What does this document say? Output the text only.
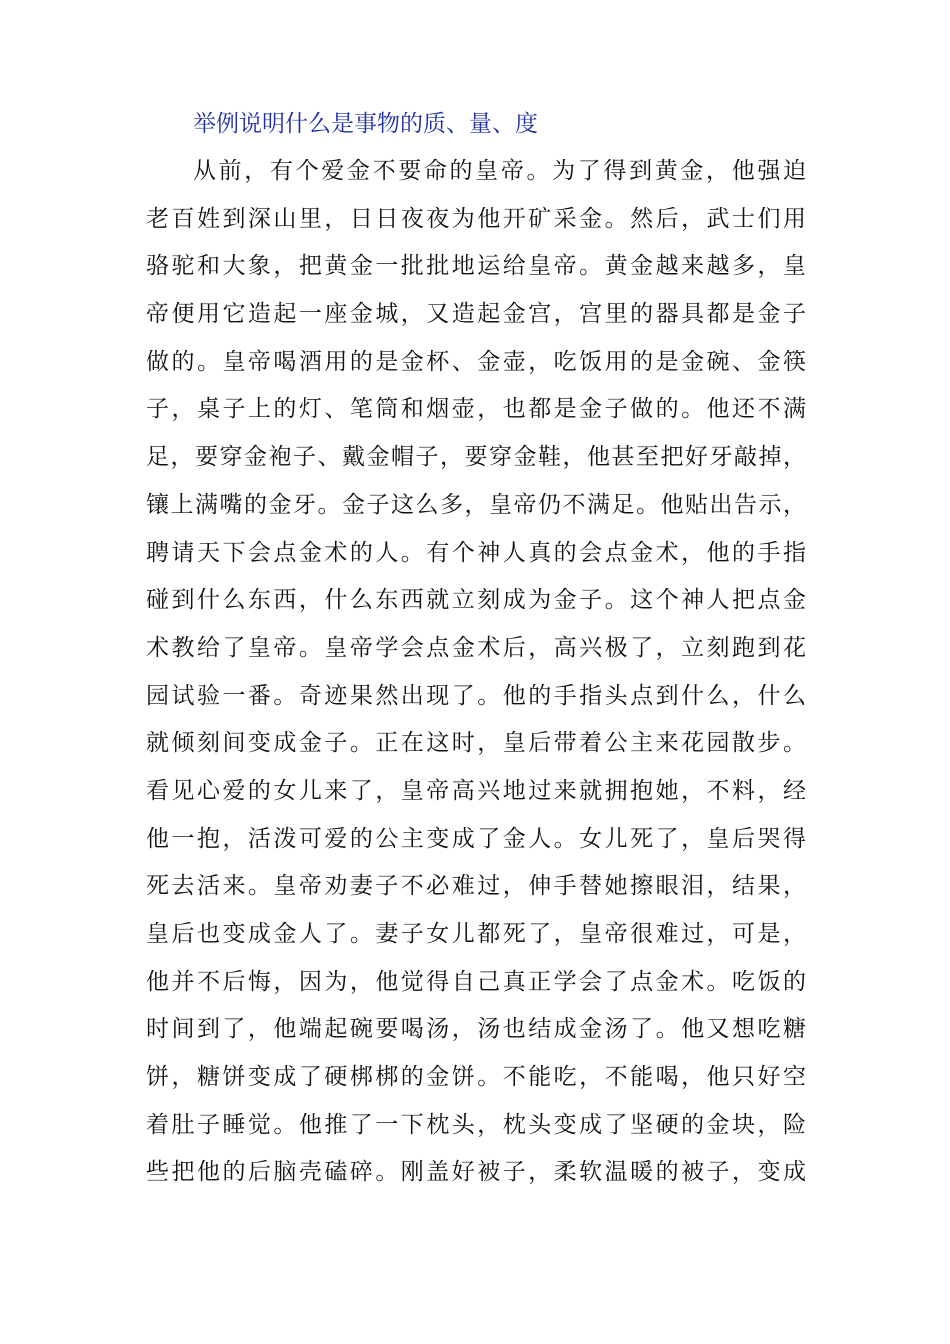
举例说明什么是事物的质、量、度
从前，有个爱金不要命的皇帝。为了得到黄金，他强迫
老百姓到深山里，日日夜夜为他开矿采金。然后，武士们用
骆驼和大象，把黄金一批批地运给皇帝。黄金越来越多，皇
帝便用它造起一座金城，又造起金宫，宫里的器具都是金子
做的。皇帝喝酒用的是金杯、金壶，吃饭用的是金碗、金筷
子，桌子上的灯、笔筒和烟壶，也都是金子做的。他还不满
足，要穿金袍子、戴金帽子，要穿金鞋，他甚至把好牙敲掉，
镶上满嘴的金牙。金子这么多，皇帝仍不满足。他贴出告示，
聘请天下会点金术的人。有个神人真的会点金术，他的手指
碰到什么东西，什么东西就立刻成为金子。这个神人把点金
术教给了皇帝。皇帝学会点金术后，高兴极了，立刻跑到花
园试验一番。奇迹果然出现了。他的手指头点到什么，什么
就倾刻间变成金子。正在这时，皇后带着公主来花园散步。
看见心爱的女儿来了，皇帝高兴地过来就拥抱她，不料，经
他一抱，活泼可爱的公主变成了金人。女儿死了，皇后哭得
死去活来。皇帝劝妻子不必难过，伸手替她擦眼泪，结果，
皇后也变成金人了。妻子女儿都死了，皇帝很难过，可是，
他并不后悔，因为，他觉得自己真正学会了点金术。吃饭的
时间到了，他端起碗要喝汤，汤也结成金汤了。他又想吃糖
饼，糖饼变成了硬梆梆的金饼。不能吃，不能喝，他只好空
着肚子睡觉。他推了一下枕头，枕头变成了坚硬的金块，险
些把他的后脑壳磕碎。刚盖好被子，柔软温暖的被子，变成
